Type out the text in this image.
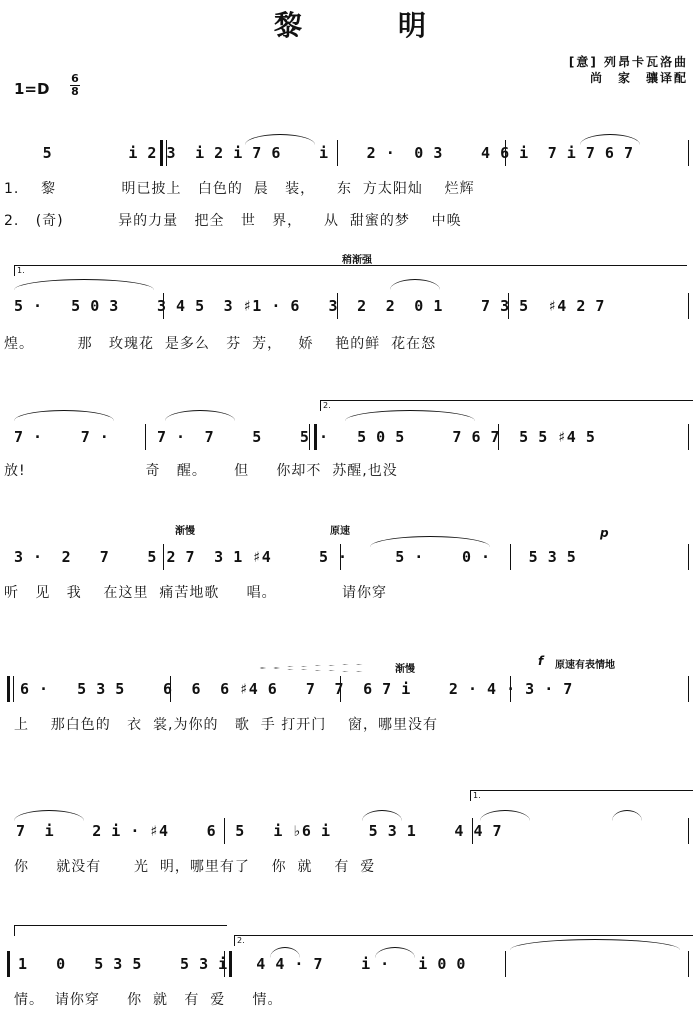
黎　明
[意] 列昂卡瓦洛曲
尚　家　骧译配
1=D
6
8
5        i 2 3  i 2 i 7 6    i    2 ·  0 3    4 6 i  7 i 7 6 7
1.    黎            明已披上   白色的  晨   装，    东  方太阳灿    烂辉
2.   (奇)          异的力量   把全   世   界，    从  甜蜜的梦    中唤
1.
稍渐强
5 ·   5 0 3    3 4 5  3 ♯1 · 6   3  2  2  0 1    7 3 5  ♯4 2 7
煌。        那   玫瑰花  是多么   芬  芳，   娇    艳的鲜  花在怒
2.
7 ·    7 ·     7 ·  7    5    5 ·   5 0 5     7 6 7  5 5 ♯4 5
放!                      奇   醒。     但     你却不  苏醒,也没
渐慢	原速	p
3 ·  2   7    5 2 7  3 1 ♯4     5 ·     5 ·    0 ·    5 3 5
听   见   我    在这里  痛苦地歌     唱。            请你穿
渐慢
f 原速有表情地
6 ·   5 3 5    6  6  6 ♯4 6   7  7  6 7 i    2 · 4 · 3 · 7
上    那白色的   衣  裳,为你的   歌  手 打开门    窗，哪里没有
1.
7  i    2 i · ♯4    6  5   i ♭6 i    5 3 1    4 4 7
你     就没有      光  明，哪里有了    你  就    有  爱
2.
1   0   5 3 5    5 3 i   4 4 · 7    i ·   i 0 0
情。  请你穿     你  就   有  爱     情。
